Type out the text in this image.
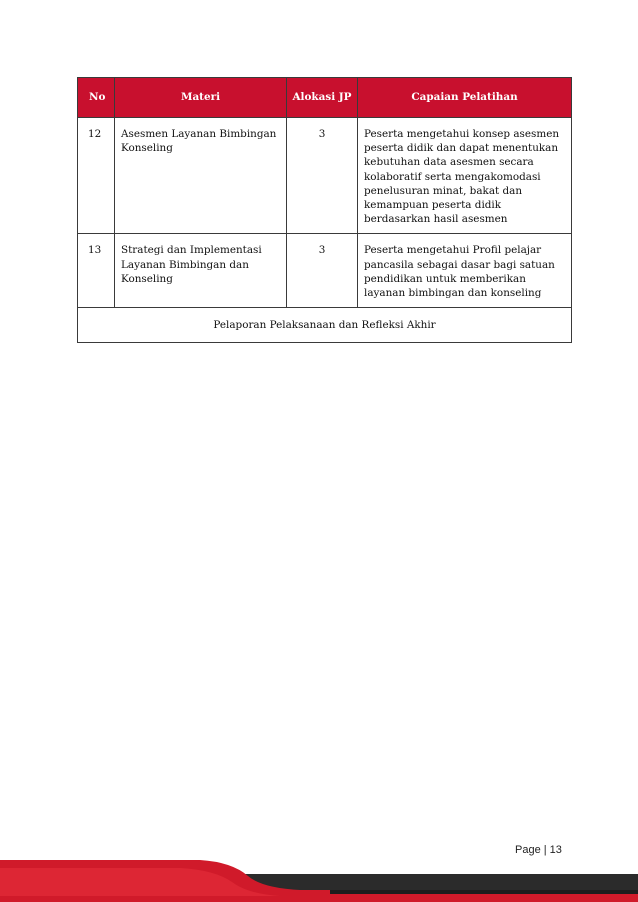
No	Materi	Alokasi JP	Capaian Pelatihan
12	Asesmen Layanan Bimbingan Konseling	3	Peserta mengetahui konsep asesmen peserta didik dan dapat menentukan kebutuhan data asesmen secara kolaboratif serta mengakomodasi penelusuran minat, bakat dan kemampuan peserta didik berdasarkan hasil asesmen
13	Strategi dan Implementasi Layanan Bimbingan dan Konseling	3	Peserta mengetahui Profil pelajar pancasila sebagai dasar bagi satuan pendidikan untuk memberikan layanan bimbingan dan konseling
Pelaporan Pelaksanaan dan Refleksi Akhir			
Page | 13
